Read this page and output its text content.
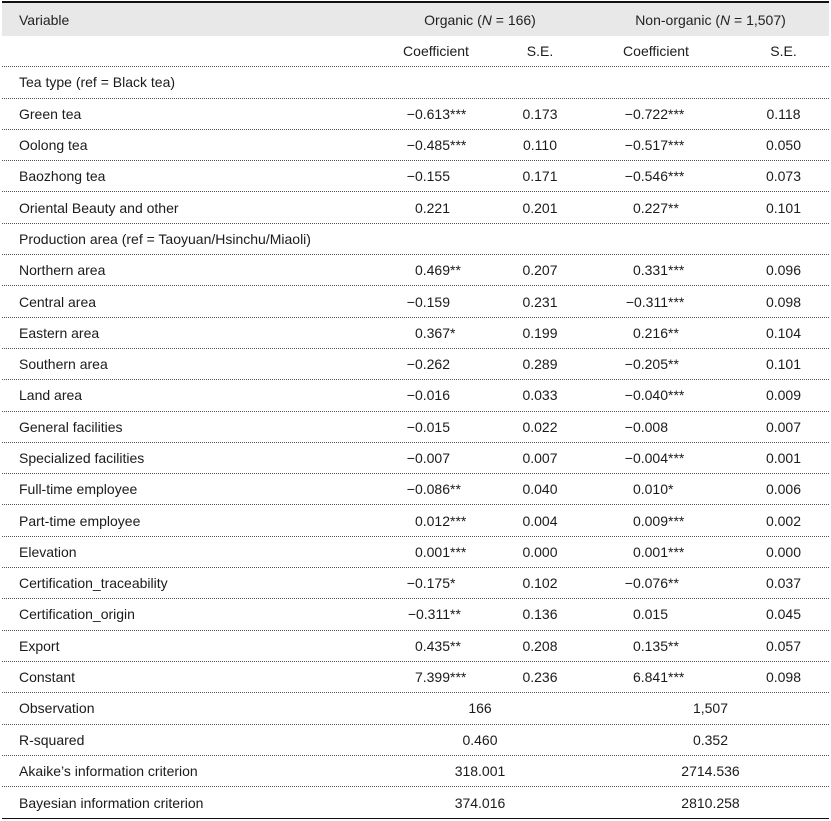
Variable	Organic (N = 166)	Non-organic (N = 1,507)
Coefficient	S.E.	Coefficient	S.E.
Tea type (ref = Black tea)
Green tea	−0.613***	0.173	−0.722***	0.118
Oolong tea	−0.485***	0.110	−0.517***	0.050
Baozhong tea	−0.155	0.171	−0.546***	0.073
Oriental Beauty and other	0.221	0.201	0.227**	0.101
Production area (ref = Taoyuan/Hsinchu/Miaoli)
Northern area	0.469**	0.207	0.331***	0.096
Central area	−0.159	0.231	−0.311***	0.098
Eastern area	0.367*	0.199	0.216**	0.104
Southern area	−0.262	0.289	−0.205**	0.101
Land area	−0.016	0.033	−0.040***	0.009
General facilities	−0.015	0.022	−0.008	0.007
Specialized facilities	−0.007	0.007	−0.004***	0.001
Full-time employee	−0.086**	0.040	0.010*	0.006
Part-time employee	0.012***	0.004	0.009***	0.002
Elevation	0.001***	0.000	0.001***	0.000
Certification_traceability	−0.175*	0.102	−0.076**	0.037
Certification_origin	−0.311**	0.136	0.015	0.045
Export	0.435**	0.208	0.135**	0.057
Constant	7.399***	0.236	6.841***	0.098
Observation	166	1,507
R-squared	0.460	0.352
Akaike’s information criterion	318.001	2714.536
Bayesian information criterion	374.016	2810.258
